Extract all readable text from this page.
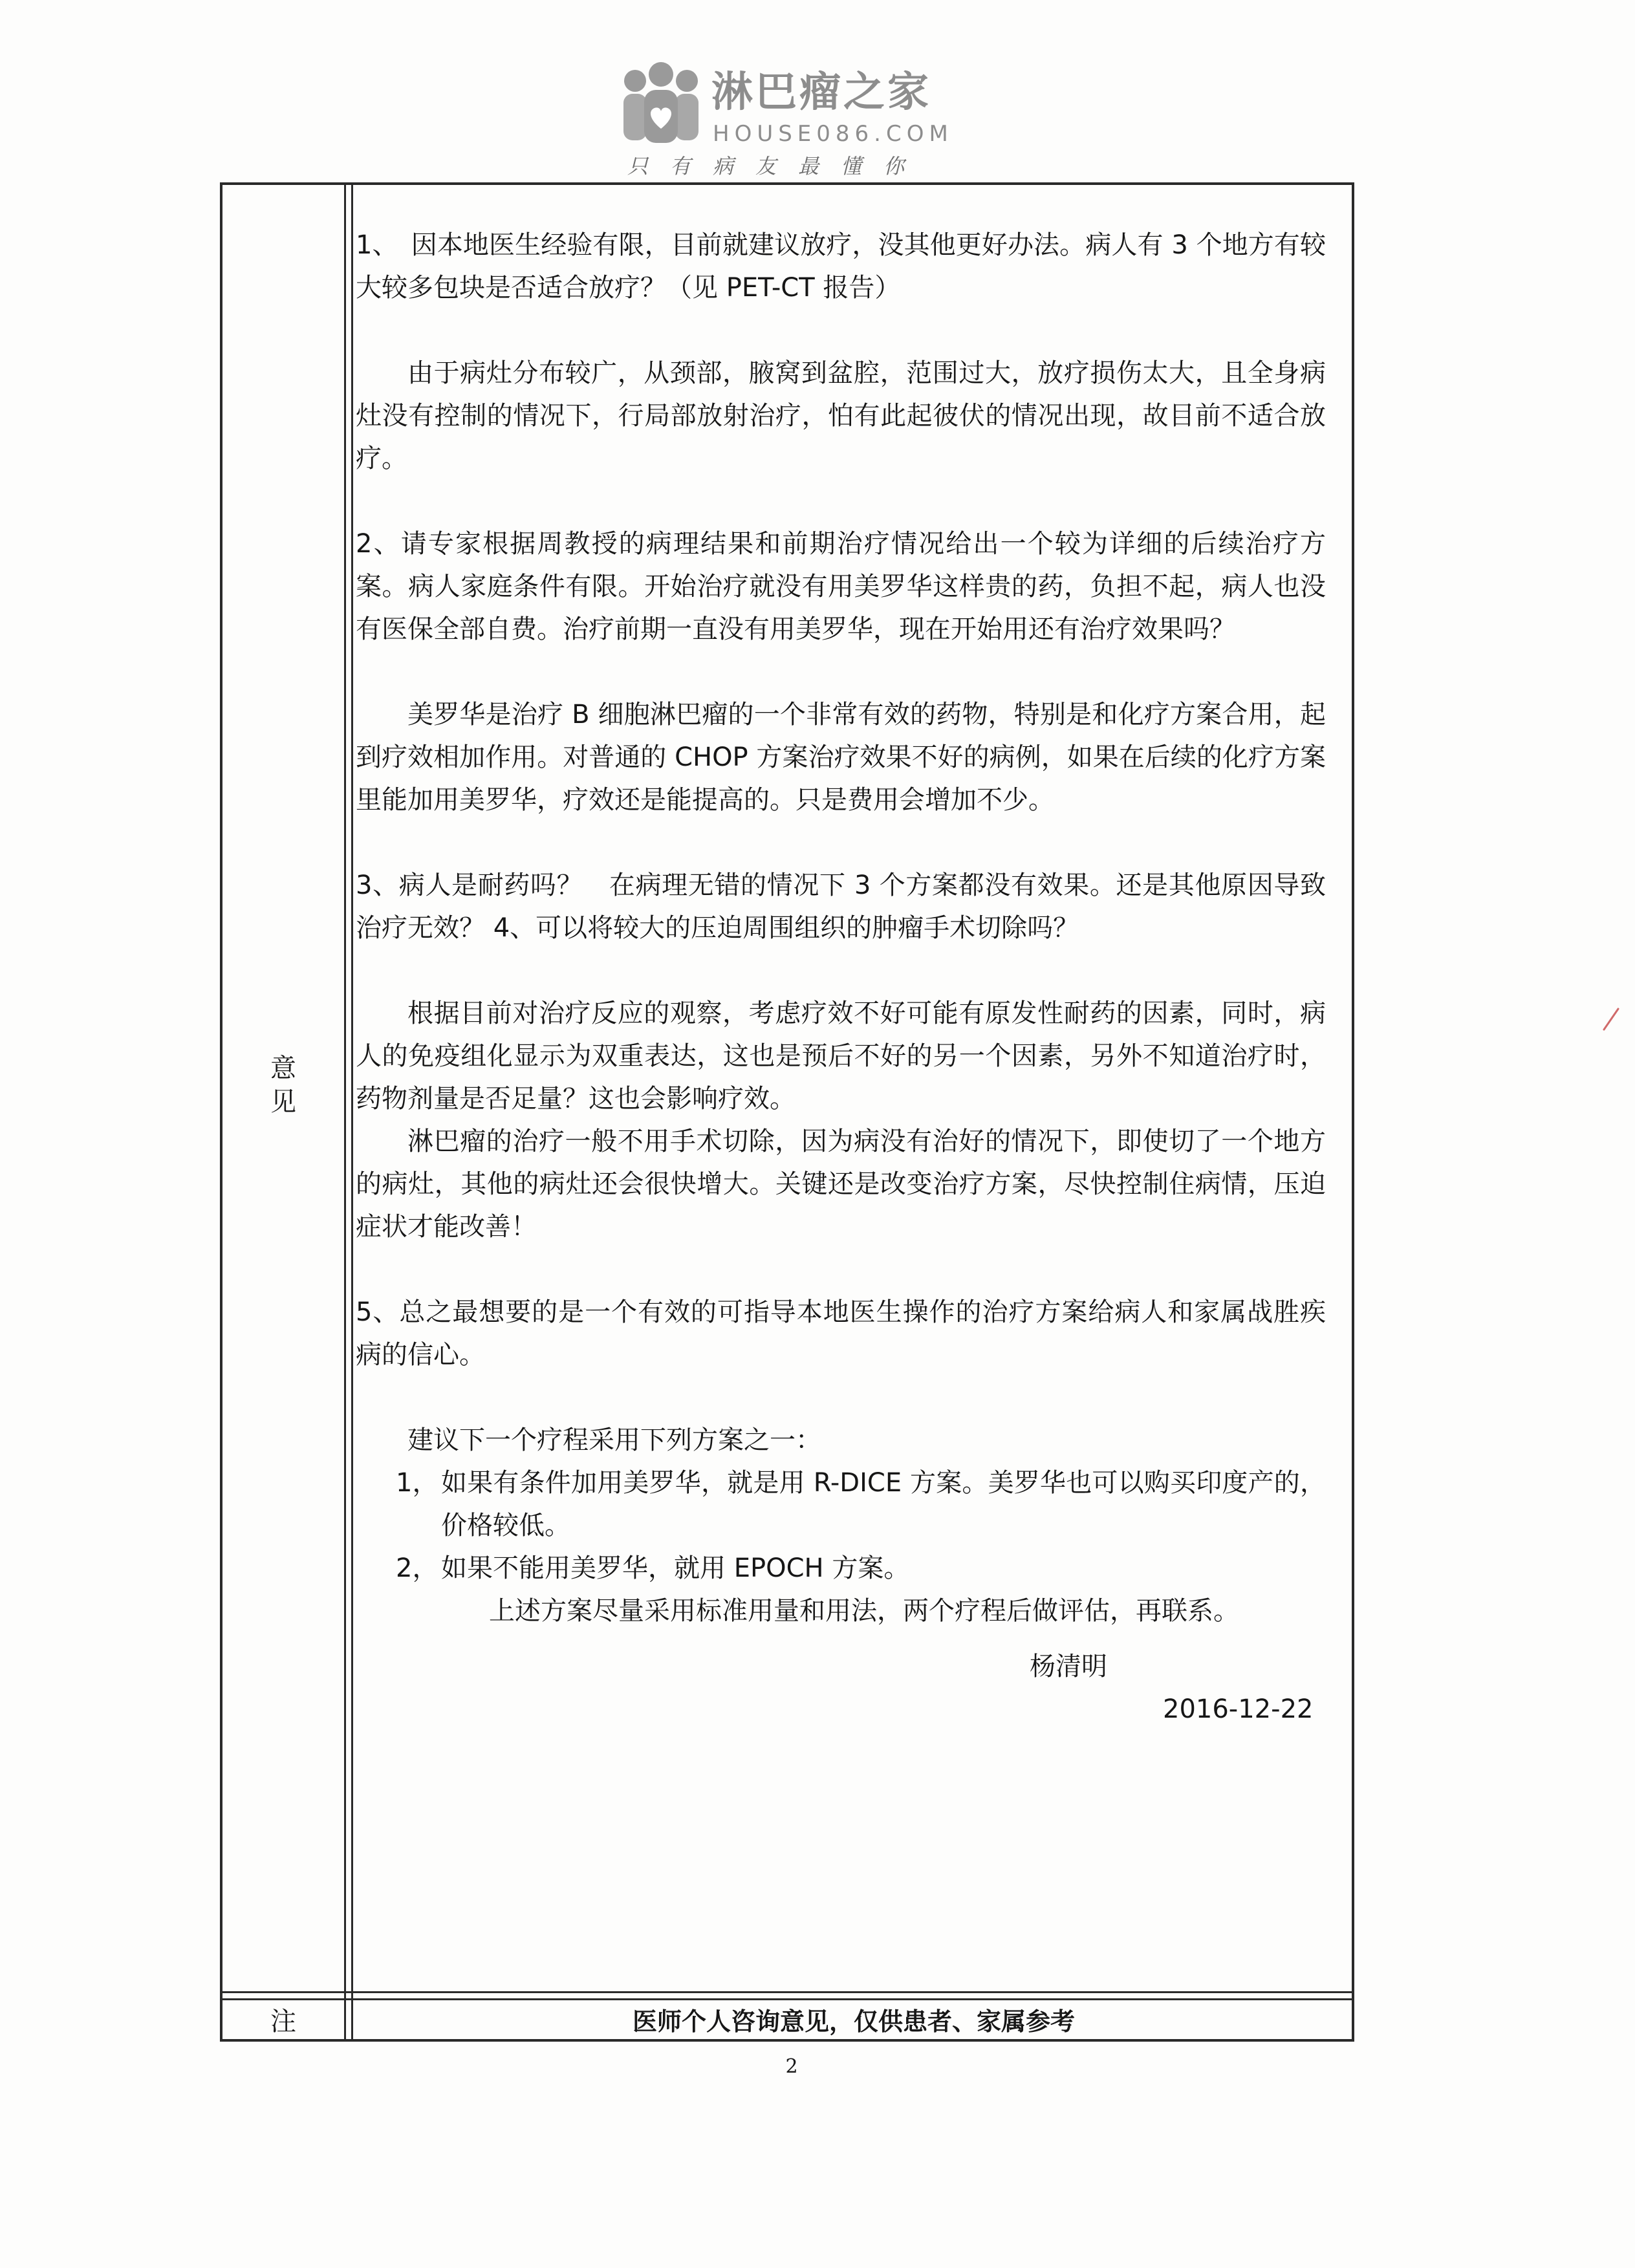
淋巴瘤之家
HOUSE086.COM
只有病友最懂你
意
见

1、　因本地医生经验有限，目前就建议放疗，没其他更好办法。病人有 3 个地方有较大较多包块是否适合放疗？（见 PET-CT 报告）

由于病灶分布较广，从颈部，腋窝到盆腔，范围过大，放疗损伤太大，且全身病灶没有控制的情况下，行局部放射治疗，怕有此起彼伏的情况出现，故目前不适合放疗。

2、请专家根据周教授的病理结果和前期治疗情况给出一个较为详细的后续治疗方案。病人家庭条件有限。开始治疗就没有用美罗华这样贵的药，负担不起，病人也没有医保全部自费。治疗前期一直没有用美罗华，现在开始用还有治疗效果吗？

美罗华是治疗 B 细胞淋巴瘤的一个非常有效的药物，特别是和化疗方案合用，起到疗效相加作用。对普通的 CHOP 方案治疗效果不好的病例，如果在后续的化疗方案里能加用美罗华，疗效还是能提高的。只是费用会增加不少。

3、病人是耐药吗？　在病理无错的情况下 3 个方案都没有效果。还是其他原因导致治疗无效？ 4、可以将较大的压迫周围组织的肿瘤手术切除吗？

根据目前对治疗反应的观察，考虑疗效不好可能有原发性耐药的因素，同时，病人的免疫组化显示为双重表达，这也是预后不好的另一个因素，另外不知道治疗时，药物剂量是否足量？这也会影响疗效。

淋巴瘤的治疗一般不用手术切除，因为病没有治好的情况下，即使切了一个地方的病灶，其他的病灶还会很快增大。关键还是改变治疗方案，尽快控制住病情，压迫症状才能改善！

5、总之最想要的是一个有效的可指导本地医生操作的治疗方案给病人和家属战胜疾病的信心。

建议下一个疗程采用下列方案之一：

1， 如果有条件加用美罗华，就是用 R-DICE 方案。美罗华也可以购买印度产的，价格较低。

2， 如果不能用美罗华，就用 EPOCH 方案。

上述方案尽量采用标准用量和用法，两个疗程后做评估，再联系。

杨清明

2016-12-22

注	医师个人咨询意见，仅供患者、家属参考
2
